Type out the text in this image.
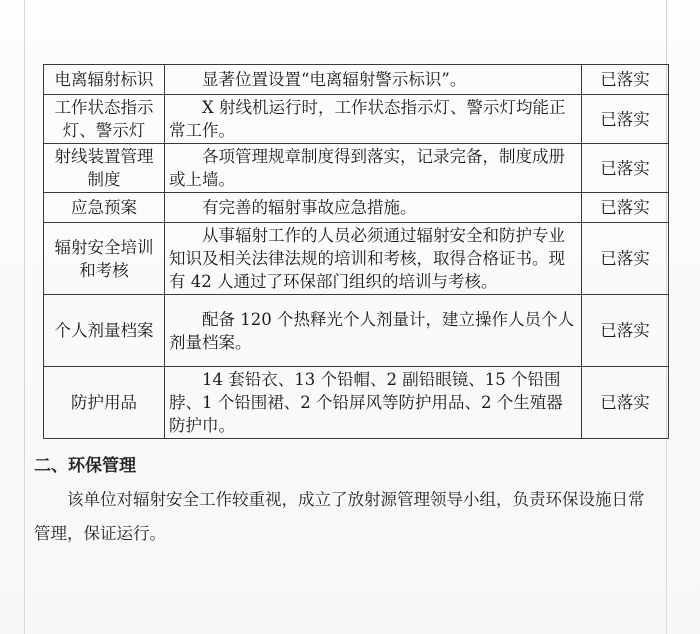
电离辐射标识	显著位置设置“电离辐射警示标识”。	已落实
工作状态指示灯、警示灯	X 射线机运行时，工作状态指示灯、警示灯均能正常工作。	已落实
射线装置管理制度	各项管理规章制度得到落实，记录完备，制度成册或上墙。	已落实
应急预案	有完善的辐射事故应急措施。	已落实
辐射安全培训和考核	从事辐射工作的人员必须通过辐射安全和防护专业知识及相关法律法规的培训和考核，取得合格证书。现有 42 人通过了环保部门组织的培训与考核。	已落实
个人剂量档案	配备 120 个热释光个人剂量计，建立操作人员个人剂量档案。	已落实
防护用品	14 套铅衣、13 个铅帽、2 副铅眼镜、15 个铅围脖、1 个铅围裙、2 个铅屏风等防护用品、2 个生殖器防护巾。	已落实
二、环保管理
该单位对辐射安全工作较重视，成立了放射源管理领导小组，负责环保设施日常管理，保证运行。
